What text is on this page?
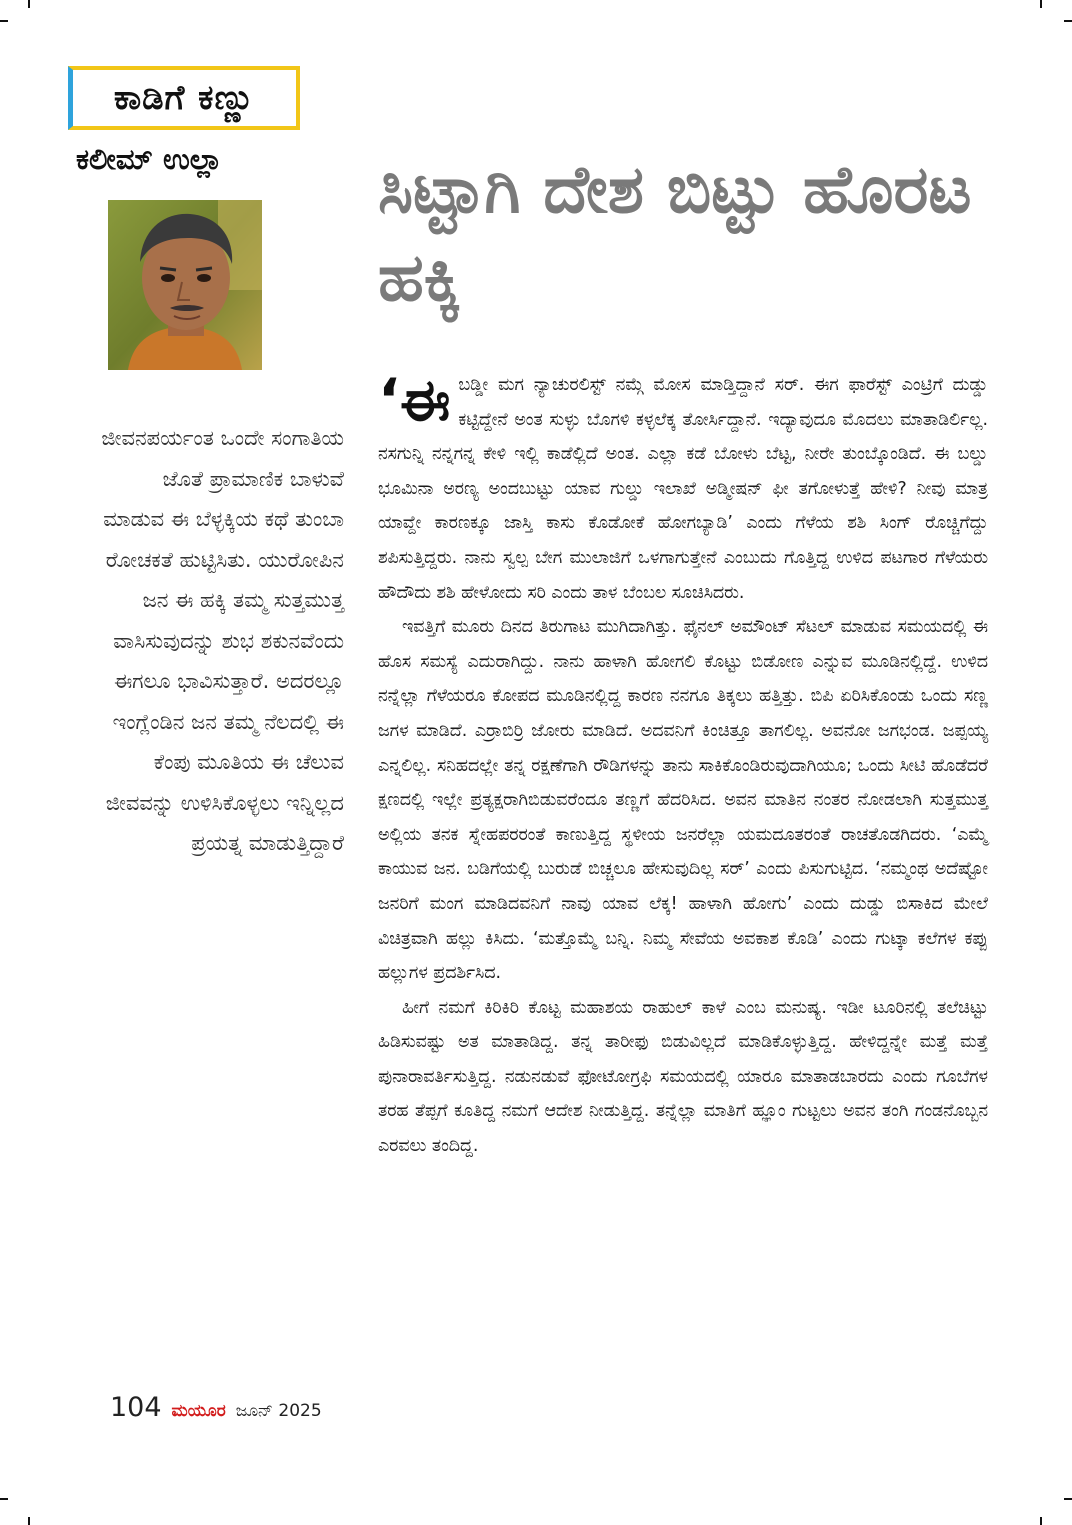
ಕಾಡಿಗೆ ಕಣ್ಣು
ಕಲೀಮ್ ಉಲ್ಲಾ
ಜೀವನಪರ್ಯಂತ ಒಂದೇ ಸಂಗಾತಿಯ ಜೊತೆ ಪ್ರಾಮಾಣಿಕ ಬಾಳುವೆ ಮಾಡುವ ಈ ಬೆಳ್ಳಕ್ಕಿಯ ಕಥೆ ತುಂಬಾ ರೋಚಕತೆ ಹುಟ್ಟಿಸಿತು. ಯುರೋಪಿನ ಜನ ಈ ಹಕ್ಕಿ ತಮ್ಮ ಸುತ್ತಮುತ್ತ ವಾಸಿಸುವುದನ್ನು ಶುಭ ಶಕುನವೆಂದು ಈಗಲೂ ಭಾವಿಸುತ್ತಾರೆ. ಅದರಲ್ಲೂ ಇಂಗ್ಲೆಂಡಿನ ಜನ ತಮ್ಮ ನೆಲದಲ್ಲಿ ಈ ಕೆಂಪು ಮೂತಿಯ ಈ ಚೆಲುವ ಜೀವವನ್ನು ಉಳಿಸಿಕೊಳ್ಳಲು ಇನ್ನಿಲ್ಲದ ಪ್ರಯತ್ನ ಮಾಡುತ್ತಿದ್ದಾರೆ
ಸಿಟ್ಟಾಗಿ ದೇಶ ಬಿಟ್ಟು ಹೊರಟ ಹಕ್ಕಿ

‘ಈಬಡ್ಡೀ ಮಗ ನ್ಯಾಚುರಲಿಸ್ಟ್ ನಮ್ಗೆ ಮೋಸ ಮಾಡ್ತಿದ್ದಾನೆ ಸರ್. ಈಗ ಫಾರೆಸ್ಟ್ ಎಂಟ್ರಿಗೆ ದುಡ್ಡು ಕಟ್ಟಿದ್ದೇನೆ ಅಂತ ಸುಳ್ಳು ಬೊಗಳಿ ಕಳ್ಳಲೆಕ್ಕ ತೋರ್ಸಿದ್ದಾನೆ. ಇದ್ಯಾವುದೂ ಮೊದಲು ಮಾತಾಡಿರ್ಲಿಲ್ಲ. ನಸಗುನ್ನಿ ನನ್ನಗನ್ನ ಕೇಳಿ ಇಲ್ಲಿ ಕಾಡೆಲ್ಲಿದೆ ಅಂತ. ಎಲ್ಲಾ ಕಡೆ ಬೋಳು ಬೆಟ್ಟ, ನೀರೇ ತುಂಬ್ಕೊಂಡಿದೆ. ಈ ಬಲ್ಡು ಭೂಮಿನಾ ಅರಣ್ಯ ಅಂದಬುಟ್ಟು ಯಾವ ಗುಲ್ಡು ಇಲಾಖೆ ಅಡ್ಮೀಷನ್ ಫೀ ತಗೋಳುತ್ತೆ ಹೇಳಿ? ನೀವು ಮಾತ್ರ ಯಾವ್ದೇ ಕಾರಣಕ್ಕೂ ಜಾಸ್ತಿ ಕಾಸು ಕೊಡೋಕೆ ಹೋಗಬ್ಯಾಡಿ’ ಎಂದು ಗೆಳೆಯ ಶಶಿ ಸಿಂಗ್ ರೊಚ್ಚಿಗೆದ್ದು ಶಪಿಸುತ್ತಿದ್ದರು. ನಾನು ಸ್ವಲ್ಪ ಬೇಗ ಮುಲಾಜಿಗೆ ಒಳಗಾಗುತ್ತೇನೆ ಎಂಬುದು ಗೊತ್ತಿದ್ದ ಉಳಿದ ಪಟಗಾರ ಗೆಳೆಯರು ಹೌದೌದು ಶಶಿ ಹೇಳೋದು ಸರಿ ಎಂದು ತಾಳ ಬೆಂಬಲ ಸೂಚಿಸಿದರು.

ಇವತ್ತಿಗೆ ಮೂರು ದಿನದ ತಿರುಗಾಟ ಮುಗಿದಾಗಿತ್ತು. ಫೈನಲ್ ಅಮೌಂಟ್ ಸೆಟಲ್ ಮಾಡುವ ಸಮಯದಲ್ಲಿ ಈ ಹೊಸ ಸಮಸ್ಯೆ ಎದುರಾಗಿದ್ದು. ನಾನು ಹಾಳಾಗಿ ಹೋಗಲಿ ಕೊಟ್ಟು ಬಿಡೋಣ ಎನ್ನುವ ಮೂಡಿನಲ್ಲಿದ್ದೆ. ಉಳಿದ ನನ್ನೆಲ್ಲಾ ಗೆಳೆಯರೂ ಕೋಪದ ಮೂಡಿನಲ್ಲಿದ್ದ ಕಾರಣ ನನಗೂ ತಿಕ್ಕಲು ಹತ್ತಿತ್ತು. ಬಿಪಿ ಏರಿಸಿಕೊಂಡು ಒಂದು ಸಣ್ಣ ಜಗಳ ಮಾಡಿದೆ. ಎರ್ರಾಬಿರ್ರಿ ಜೋರು ಮಾಡಿದೆ. ಅದವನಿಗೆ ಕಿಂಚಿತ್ತೂ ತಾಗಲಿಲ್ಲ. ಅವನೋ ಜಗಭಂಡ. ಜಪ್ಪಯ್ಯ ಎನ್ನಲಿಲ್ಲ. ಸನಿಹದಲ್ಲೇ ತನ್ನ ರಕ್ಷಣೆಗಾಗಿ ರೌಡಿಗಳನ್ನು ತಾನು ಸಾಕಿಕೊಂಡಿರುವುದಾಗಿಯೂ; ಒಂದು ಸೀಟಿ ಹೊಡೆದರೆ ಕ್ಷಣದಲ್ಲಿ ಇಲ್ಲೇ ಪ್ರತ್ಯಕ್ಷರಾಗಿಬಿಡುವರೆಂದೂ ತಣ್ಣಗೆ ಹೆದರಿಸಿದ. ಅವನ ಮಾತಿನ ನಂತರ ನೋಡಲಾಗಿ ಸುತ್ತಮುತ್ತ ಅಲ್ಲಿಯ ತನಕ ಸ್ನೇಹಪರರಂತೆ ಕಾಣುತ್ತಿದ್ದ ಸ್ಥಳೀಯ ಜನರೆಲ್ಲಾ ಯಮದೂತರಂತೆ ರಾಚತೊಡಗಿದರು. ‘ಎಮ್ಮೆ ಕಾಯುವ ಜನ. ಬಡಿಗೆಯಲ್ಲಿ ಬುರುಡೆ ಬಿಚ್ಚಲೂ ಹೇಸುವುದಿಲ್ಲ ಸರ್’ ಎಂದು ಪಿಸುಗುಟ್ಟಿದ. ‘ನಮ್ಮಂಥ ಅದೆಷ್ಟೋ ಜನರಿಗೆ ಮಂಗ ಮಾಡಿದವನಿಗೆ ನಾವು ಯಾವ ಲೆಕ್ಕ! ಹಾಳಾಗಿ ಹೋಗು’ ಎಂದು ದುಡ್ಡು ಬಿಸಾಕಿದ ಮೇಲೆ ವಿಚಿತ್ರವಾಗಿ ಹಲ್ಲು ಕಿಸಿದು. ‘ಮತ್ತೊಮ್ಮೆ ಬನ್ನಿ. ನಿಮ್ಮ ಸೇವೆಯ ಅವಕಾಶ ಕೊಡಿ’ ಎಂದು ಗುಟ್ಕಾ ಕಲೆಗಳ ಕಪ್ಪು ಹಲ್ಲುಗಳ ಪ್ರದರ್ಶಿಸಿದ.

ಹೀಗೆ ನಮಗೆ ಕಿರಿಕಿರಿ ಕೊಟ್ಟ ಮಹಾಶಯ ರಾಹುಲ್ ಕಾಳೆ ಎಂಬ ಮನುಷ್ಯ. ಇಡೀ ಟೂರಿನಲ್ಲಿ ತಲೆಚಿಟ್ಟು ಹಿಡಿಸುವಷ್ಟು ಅತ ಮಾತಾಡಿದ್ದ. ತನ್ನ ತಾರೀಫು ಬಿಡುವಿಲ್ಲದೆ ಮಾಡಿಕೊಳ್ಳುತ್ತಿದ್ದ. ಹೇಳಿದ್ದನ್ನೇ ಮತ್ತೆ ಮತ್ತೆ ಪುನಾರಾವರ್ತಿಸುತ್ತಿದ್ದ. ನಡುನಡುವೆ ಫೋಟೋಗ್ರಫಿ ಸಮಯದಲ್ಲಿ ಯಾರೂ ಮಾತಾಡಬಾರದು ಎಂದು ಗೂಬೆಗಳ ತರಹ ತೆಪ್ಪಗೆ ಕೂತಿದ್ದ ನಮಗೆ ಆದೇಶ ನೀಡುತ್ತಿದ್ದ. ತನ್ನೆಲ್ಲಾ ಮಾತಿಗೆ ಹ್ಞೂಂ ಗುಟ್ಟಲು ಅವನ ತಂಗಿ ಗಂಡನೊಬ್ಬನ ಎರವಲು ತಂದಿದ್ದ.

104 ಮಯೂರ ಜೂನ್ 2025
